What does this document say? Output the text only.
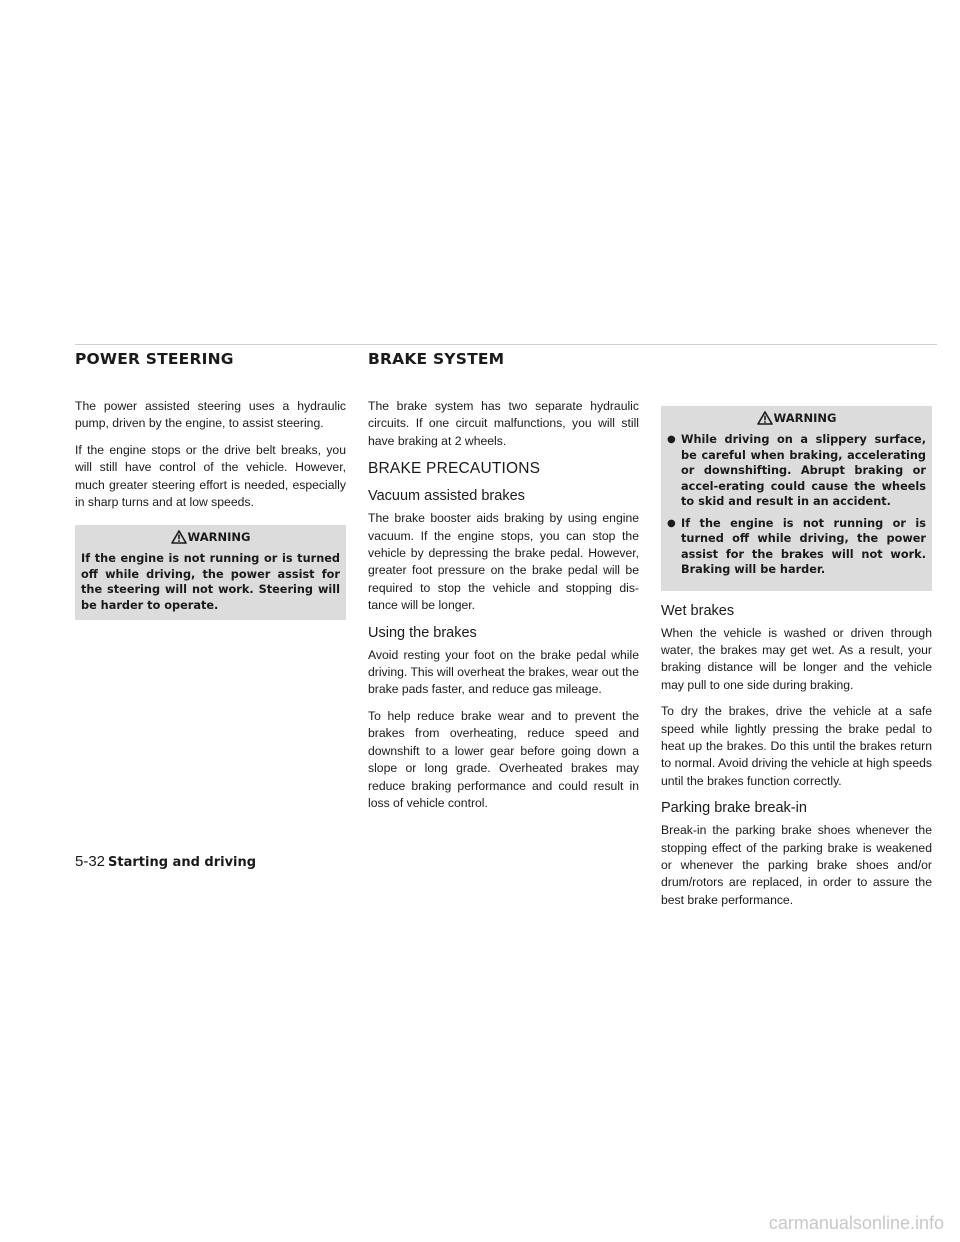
POWER STEERING	BRAKE SYSTEM

The power assisted steering uses a hydraulic pump, driven by the engine, to assist steering.

If the engine stops or the drive belt breaks, you will still have control of the vehicle. However, much greater steering effort is needed, especially in sharp turns and at low speeds.

WARNING
If the engine is not running or is turned off while driving, the power assist for the steering will not work. Steering will be harder to operate.

The brake system has two separate hydraulic circuits. If one circuit malfunctions, you will still have braking at 2 wheels.

BRAKE PRECAUTIONS
Vacuum assisted brakes

The brake booster aids braking by using engine vacuum. If the engine stops, you can stop the vehicle by depressing the brake pedal. However, greater foot pressure on the brake pedal will be required to stop the vehicle and stopping dis-tance will be longer.

Using the brakes

Avoid resting your foot on the brake pedal while driving. This will overheat the brakes, wear out the brake pads faster, and reduce gas mileage.

To help reduce brake wear and to prevent the brakes from overheating, reduce speed and downshift to a lower gear before going down a slope or long grade. Overheated brakes may reduce braking performance and could result in loss of vehicle control.

WARNING
● While driving on a slippery surface, be careful when braking, accelerating or downshifting. Abrupt braking or accel-erating could cause the wheels to skid and result in an accident.
● If the engine is not running or is turned off while driving, the power assist for the brakes will not work. Braking will be harder.
Wet brakes

When the vehicle is washed or driven through water, the brakes may get wet. As a result, your braking distance will be longer and the vehicle may pull to one side during braking.

To dry the brakes, drive the vehicle at a safe speed while lightly pressing the brake pedal to heat up the brakes. Do this until the brakes return to normal. Avoid driving the vehicle at high speeds until the brakes function correctly.

Parking brake break-in

Break-in the parking brake shoes whenever the stopping effect of the parking brake is weakened or whenever the parking brake shoes and/or drum/rotors are replaced, in order to assure the best brake performance.

5-32 Starting and driving
carmanualsonline.info
